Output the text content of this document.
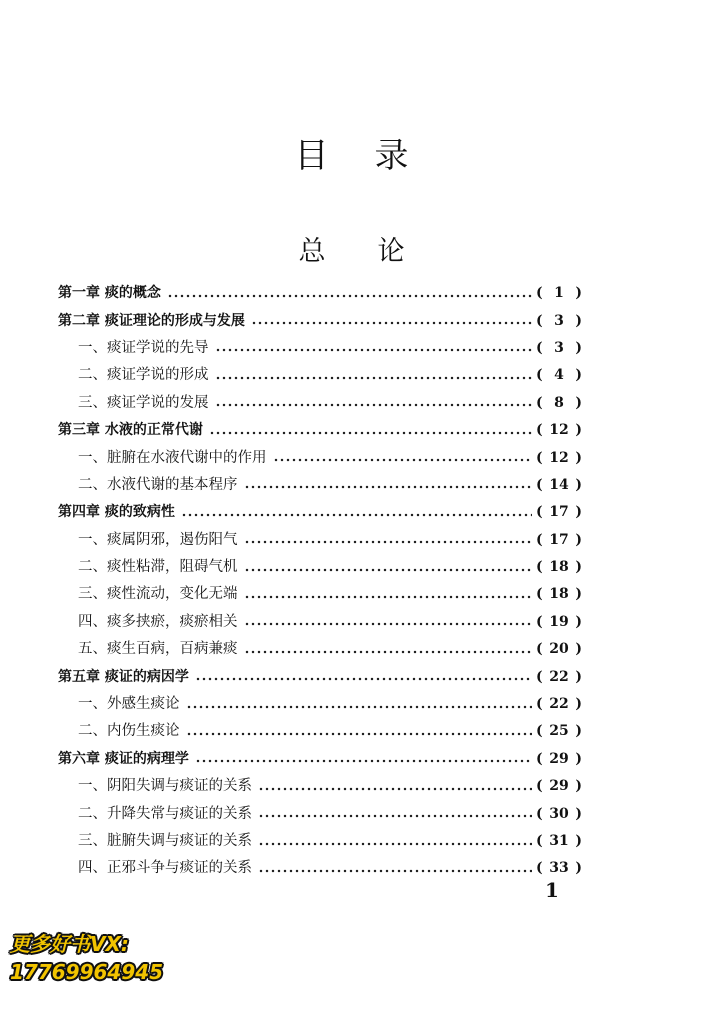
目录
总论
第一章 痰的概念	( 1 )
第二章 痰证理论的形成与发展	( 3 )
一、痰证学说的先导	( 3 )
二、痰证学说的形成	( 4 )
三、痰证学说的发展	( 8 )
第三章 水液的正常代谢	( 12 )
一、脏腑在水液代谢中的作用	( 12 )
二、水液代谢的基本程序	( 14 )
第四章 痰的致病性	( 17 )
一、痰属阴邪，遏伤阳气	( 17 )
二、痰性粘滞，阻碍气机	( 18 )
三、痰性流动，变化无端	( 18 )
四、痰多挟瘀，痰瘀相关	( 19 )
五、痰生百病，百病兼痰	( 20 )
第五章 痰证的病因学	( 22 )
一、外感生痰论	( 22 )
二、内伤生痰论	( 25 )
第六章 痰证的病理学	( 29 )
一、阴阳失调与痰证的关系	( 29 )
二、升降失常与痰证的关系	( 30 )
三、脏腑失调与痰证的关系	( 31 )
四、正邪斗争与痰证的关系	( 33 )
1
更多好书VX:
17769964945
